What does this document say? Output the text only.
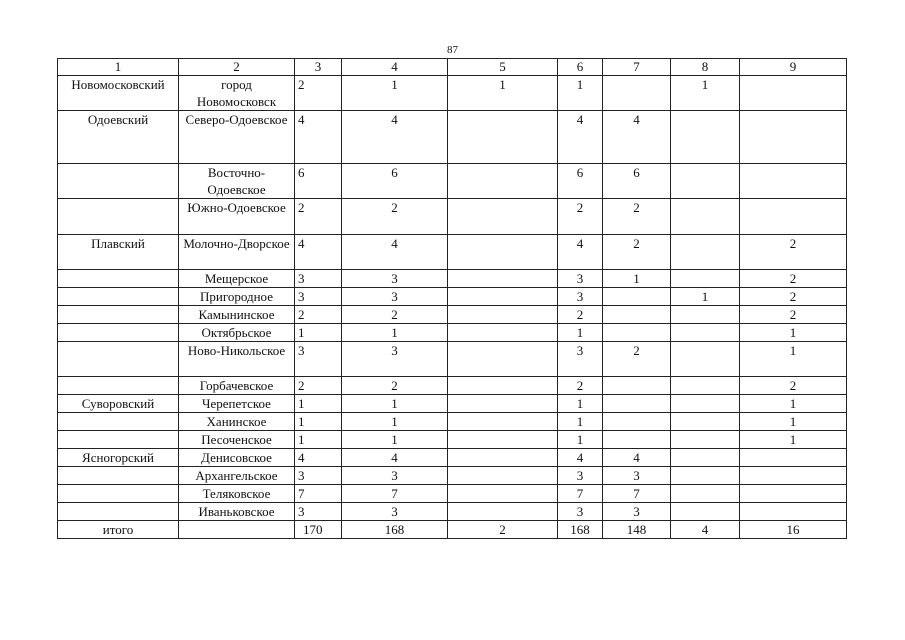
87
1	2	3	4	5	6	7	8	9
Новомосковский	город Новомосковск	2	1	1	1		1	
Одоевский	Северо-Одоевское	4	4		4	4		
	Восточно-Одоевское	6	6		6	6		
	Южно-Одоевское	2	2		2	2		
Плавский	Молочно-Дворское	4	4		4	2		2
	Мещерское	3	3		3	1		2
	Пригородное	3	3		3		1	2
	Камынинское	2	2		2			2
	Октябрьское	1	1		1			1
	Ново-Никольское	3	3		3	2		1
	Горбачевское	2	2		2			2
Суворовский	Черепетское	1	1		1			1
	Ханинское	1	1		1			1
	Песоченское	1	1		1			1
Ясногорский	Денисовское	4	4		4	4		
	Архангельское	3	3		3	3		
	Теляковское	7	7		7	7		
	Иваньковское	3	3		3	3		
итого		170	168	2	168	148	4	16
